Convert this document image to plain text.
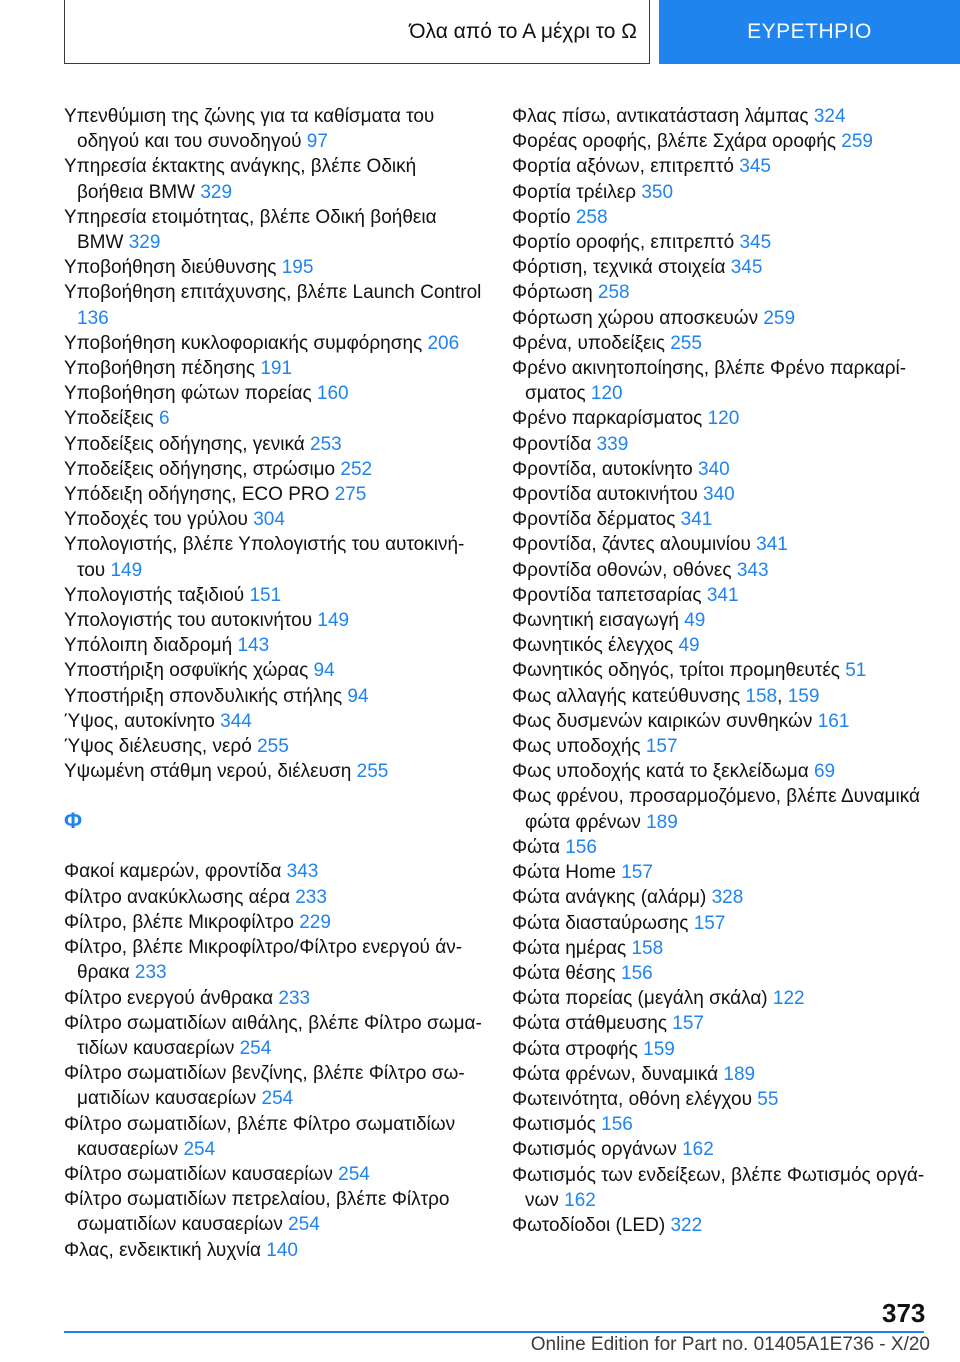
Όλα από το Α μέχρι το Ω	ΕΥΡΕΤΗΡΙΟ
Υπενθύμιση της ζώνης για τα καθίσματα του οδηγού και του συνοδηγού 97
Υπηρεσία έκτακτης ανάγκης, βλέπε Οδική βοήθεια BMW 329
Υπηρεσία ετοιμότητας, βλέπε Οδική βοήθεια BMW 329
Υποβοήθηση διεύθυνσης 195
Υποβοήθηση επιτάχυνσης, βλέπε Launch Control 136
Υποβοήθηση κυκλοφοριακής συμφόρησης 206
Υποβοήθηση πέδησης 191
Υποβοήθηση φώτων πορείας 160
Υποδείξεις 6
Υποδείξεις οδήγησης, γενικά 253
Υποδείξεις οδήγησης, στρώσιμο 252
Υπόδειξη οδήγησης, ECO PRO 275
Υποδοχές του γρύλου 304
Υπολογιστής, βλέπε Υπολογιστής του αυτοκινήτου 149
Υπολογιστής ταξιδιού 151
Υπολογιστής του αυτοκινήτου 149
Υπόλοιπη διαδρομή 143
Υποστήριξη οσφυϊκής χώρας 94
Υποστήριξη σπονδυλικής στήλης 94
Ύψος, αυτοκίνητο 344
Ύψος διέλευσης, νερό 255
Υψωμένη στάθμη νερού, διέλευση 255
Φ
Φακοί καμερών, φροντίδα 343
Φίλτρο ανακύκλωσης αέρα 233
Φίλτρο, βλέπε Μικροφίλτρο 229
Φίλτρο, βλέπε Μικροφίλτρο/Φίλτρο ενεργού άνθρακα 233
Φίλτρο ενεργού άνθρακα 233
Φίλτρο σωματιδίων αιθάλης, βλέπε Φίλτρο σωματιδίων καυσαερίων 254
Φίλτρο σωματιδίων βενζίνης, βλέπε Φίλτρο σωματιδίων καυσαερίων 254
Φίλτρο σωματιδίων, βλέπε Φίλτρο σωματιδίων καυσαερίων 254
Φίλτρο σωματιδίων καυσαερίων 254
Φίλτρο σωματιδίων πετρελαίου, βλέπε Φίλτρο σωματιδίων καυσαερίων 254
Φλας, ενδεικτική λυχνία 140
Φλας πίσω, αντικατάσταση λάμπας 324
Φορέας οροφής, βλέπε Σχάρα οροφής 259
Φορτία αξόνων, επιτρεπτό 345
Φορτία τρέιλερ 350
Φορτίο 258
Φορτίο οροφής, επιτρεπτό 345
Φόρτιση, τεχνικά στοιχεία 345
Φόρτωση 258
Φόρτωση χώρου αποσκευών 259
Φρένα, υποδείξεις 255
Φρένο ακινητοποίησης, βλέπε Φρένο παρκαρίσματος 120
Φρένο παρκαρίσματος 120
Φροντίδα 339
Φροντίδα, αυτοκίνητο 340
Φροντίδα αυτοκινήτου 340
Φροντίδα δέρματος 341
Φροντίδα, ζάντες αλουμινίου 341
Φροντίδα οθονών, οθόνες 343
Φροντίδα ταπετσαρίας 341
Φωνητική εισαγωγή 49
Φωνητικός έλεγχος 49
Φωνητικός οδηγός, τρίτοι προμηθευτές 51
Φως αλλαγής κατεύθυνσης 158, 159
Φως δυσμενών καιρικών συνθηκών 161
Φως υποδοχής 157
Φως υποδοχής κατά το ξεκλείδωμα 69
Φως φρένου, προσαρμοζόμενο, βλέπε Δυναμικά φώτα φρένων 189
Φώτα 156
Φώτα Home 157
Φώτα ανάγκης (αλάρμ) 328
Φώτα διασταύρωσης 157
Φώτα ημέρας 158
Φώτα θέσης 156
Φώτα πορείας (μεγάλη σκάλα) 122
Φώτα στάθμευσης 157
Φώτα στροφής 159
Φώτα φρένων, δυναμικά 189
Φωτεινότητα, οθόνη ελέγχου 55
Φωτισμός 156
Φωτισμός οργάνων 162
Φωτισμός των ενδείξεων, βλέπε Φωτισμός οργάνων 162
Φωτοδίοδοι (LED) 322
373
Online Edition for Part no. 01405A1E736 - X/20
